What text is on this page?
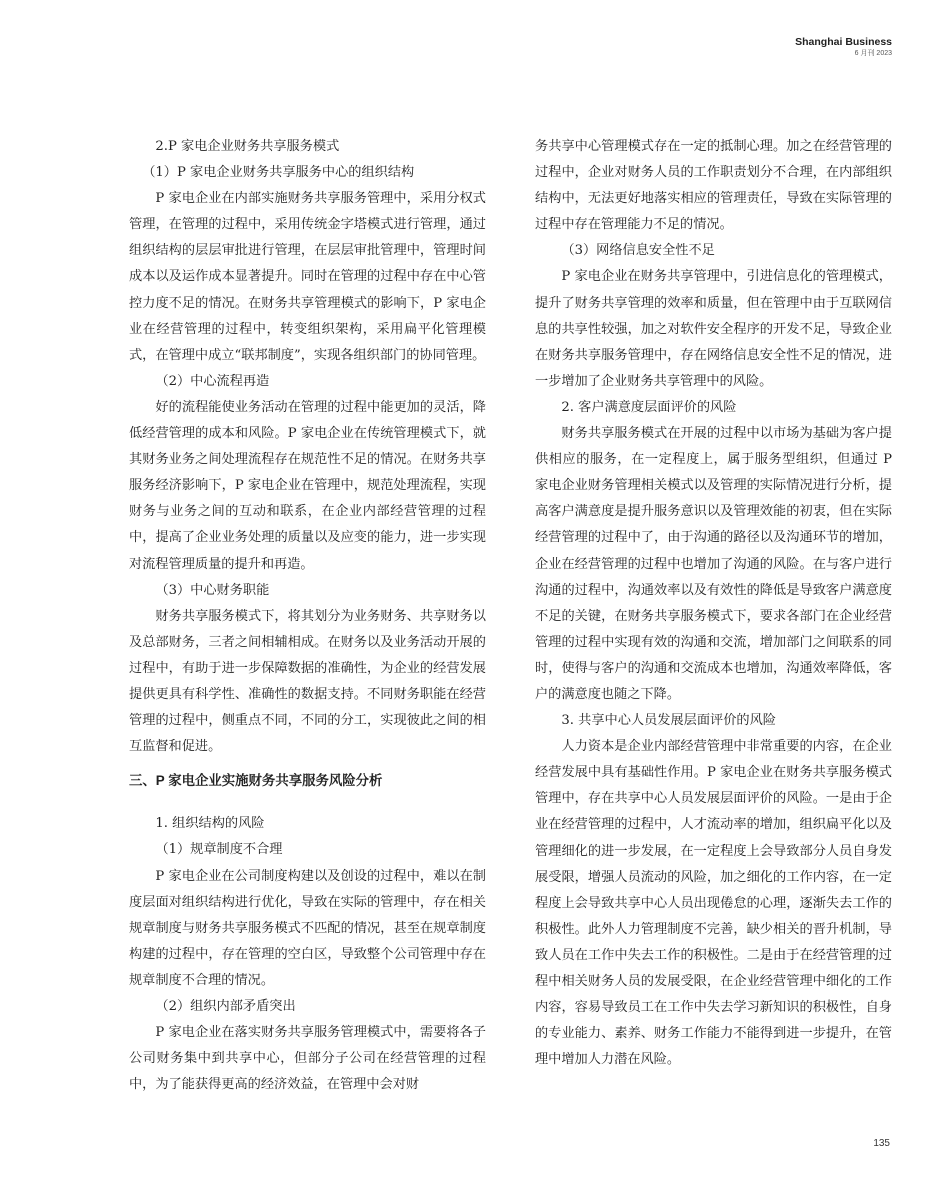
Shanghai Business
6 月刊 2023

2.P 家电企业财务共享服务模式

（1）P 家电企业财务共享服务中心的组织结构

P 家电企业在内部实施财务共享服务管理中，采用分权式管理，在管理的过程中，采用传统金字塔模式进行管理，通过组织结构的层层审批进行管理，在层层审批管理中，管理时间成本以及运作成本显著提升。同时在管理的过程中存在中心管控力度不足的情况。在财务共享管理模式的影响下，P 家电企业在经营管理的过程中，转变组织架构，采用扁平化管理模式，在管理中成立“联邦制度”，实现各组织部门的协同管理。

（2）中心流程再造

好的流程能使业务活动在管理的过程中能更加的灵活，降低经营管理的成本和风险。P 家电企业在传统管理模式下，就其财务业务之间处理流程存在规范性不足的情况。在财务共享服务经济影响下，P 家电企业在管理中，规范处理流程，实现财务与业务之间的互动和联系，在企业内部经营管理的过程中，提高了企业业务处理的质量以及应变的能力，进一步实现对流程管理质量的提升和再造。

（3）中心财务职能

财务共享服务模式下，将其划分为业务财务、共享财务以及总部财务，三者之间相辅相成。在财务以及业务活动开展的过程中，有助于进一步保障数据的准确性，为企业的经营发展提供更具有科学性、准确性的数据支持。不同财务职能在经营管理的过程中，侧重点不同，不同的分工，实现彼此之间的相互监督和促进。

三、P 家电企业实施财务共享服务风险分析

1. 组织结构的风险

（1）规章制度不合理

P 家电企业在公司制度构建以及创设的过程中，难以在制度层面对组织结构进行优化，导致在实际的管理中，存在相关规章制度与财务共享服务模式不匹配的情况，甚至在规章制度构建的过程中，存在管理的空白区，导致整个公司管理中存在规章制度不合理的情况。

（2）组织内部矛盾突出

P 家电企业在落实财务共享服务管理模式中，需要将各子公司财务集中到共享中心，但部分子公司在经营管理的过程中，为了能获得更高的经济效益，在管理中会对财

务共享中心管理模式存在一定的抵制心理。加之在经营管理的过程中，企业对财务人员的工作职责划分不合理，在内部组织结构中，无法更好地落实相应的管理责任，导致在实际管理的过程中存在管理能力不足的情况。

（3）网络信息安全性不足

P 家电企业在财务共享管理中，引进信息化的管理模式，提升了财务共享管理的效率和质量，但在管理中由于互联网信息的共享性较强，加之对软件安全程序的开发不足，导致企业在财务共享服务管理中，存在网络信息安全性不足的情况，进一步增加了企业财务共享管理中的风险。

2. 客户满意度层面评价的风险

财务共享服务模式在开展的过程中以市场为基础为客户提供相应的服务，在一定程度上，属于服务型组织，但通过 P 家电企业财务管理相关模式以及管理的实际情况进行分析，提高客户满意度是提升服务意识以及管理效能的初衷，但在实际经营管理的过程中了，由于沟通的路径以及沟通环节的增加，企业在经营管理的过程中也增加了沟通的风险。在与客户进行沟通的过程中，沟通效率以及有效性的降低是导致客户满意度不足的关键，在财务共享服务模式下，要求各部门在企业经营管理的过程中实现有效的沟通和交流，增加部门之间联系的同时，使得与客户的沟通和交流成本也增加，沟通效率降低，客户的满意度也随之下降。

3. 共享中心人员发展层面评价的风险

人力资本是企业内部经营管理中非常重要的内容，在企业经营发展中具有基础性作用。P 家电企业在财务共享服务模式管理中，存在共享中心人员发展层面评价的风险。一是由于企业在经营管理的过程中，人才流动率的增加，组织扁平化以及管理细化的进一步发展，在一定程度上会导致部分人员自身发展受限，增强人员流动的风险，加之细化的工作内容，在一定程度上会导致共享中心人员出现倦怠的心理，逐渐失去工作的积极性。此外人力管理制度不完善，缺少相关的晋升机制，导致人员在工作中失去工作的积极性。二是由于在经营管理的过程中相关财务人员的发展受限，在企业经营管理中细化的工作内容，容易导致员工在工作中失去学习新知识的积极性，自身的专业能力、素养、财务工作能力不能得到进一步提升，在管理中增加人力潜在风险。

135
